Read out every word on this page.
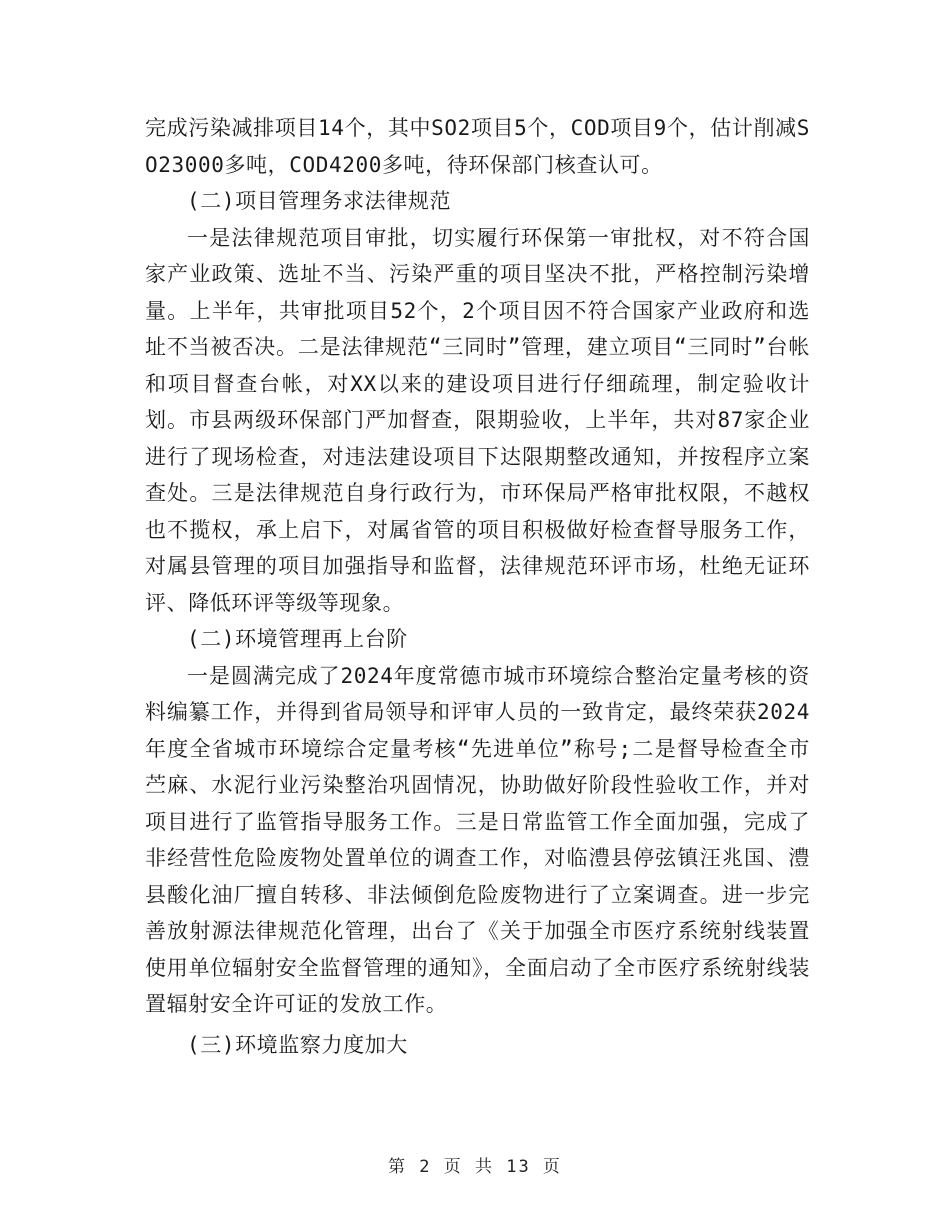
完成污染减排项目14个，其中SO2项目5个，COD项目9个，估计削减SO23000多吨，COD4200多吨，待环保部门核查认可。

(二)项目管理务求法律规范

一是法律规范项目审批，切实履行环保第一审批权，对不符合国家产业政策、选址不当、污染严重的项目坚决不批，严格控制污染增量。上半年，共审批项目52个，2个项目因不符合国家产业政府和选址不当被否决。二是法律规范“三同时”管理，建立项目“三同时”台帐和项目督查台帐，对XX以来的建设项目进行仔细疏理，制定验收计划。市县两级环保部门严加督查，限期验收，上半年，共对87家企业进行了现场检查，对违法建设项目下达限期整改通知，并按程序立案查处。三是法律规范自身行政行为，市环保局严格审批权限，不越权也不揽权，承上启下，对属省管的项目积极做好检查督导服务工作，对属县管理的项目加强指导和监督，法律规范环评市场，杜绝无证环评、降低环评等级等现象。

(二)环境管理再上台阶

一是圆满完成了2024年度常德市城市环境综合整治定量考核的资料编纂工作，并得到省局领导和评审人员的一致肯定，最终荣获2024年度全省城市环境综合定量考核“先进单位”称号;二是督导检查全市苎麻、水泥行业污染整治巩固情况，协助做好阶段性验收工作，并对项目进行了监管指导服务工作。三是日常监管工作全面加强，完成了非经营性危险废物处置单位的调查工作，对临澧县停弦镇汪兆国、澧县酸化油厂擅自转移、非法倾倒危险废物进行了立案调查。进一步完善放射源法律规范化管理，出台了《关于加强全市医疗系统射线装置使用单位辐射安全监督管理的通知》，全面启动了全市医疗系统射线装置辐射安全许可证的发放工作。

(三)环境监察力度加大

第 2 页 共 13 页
